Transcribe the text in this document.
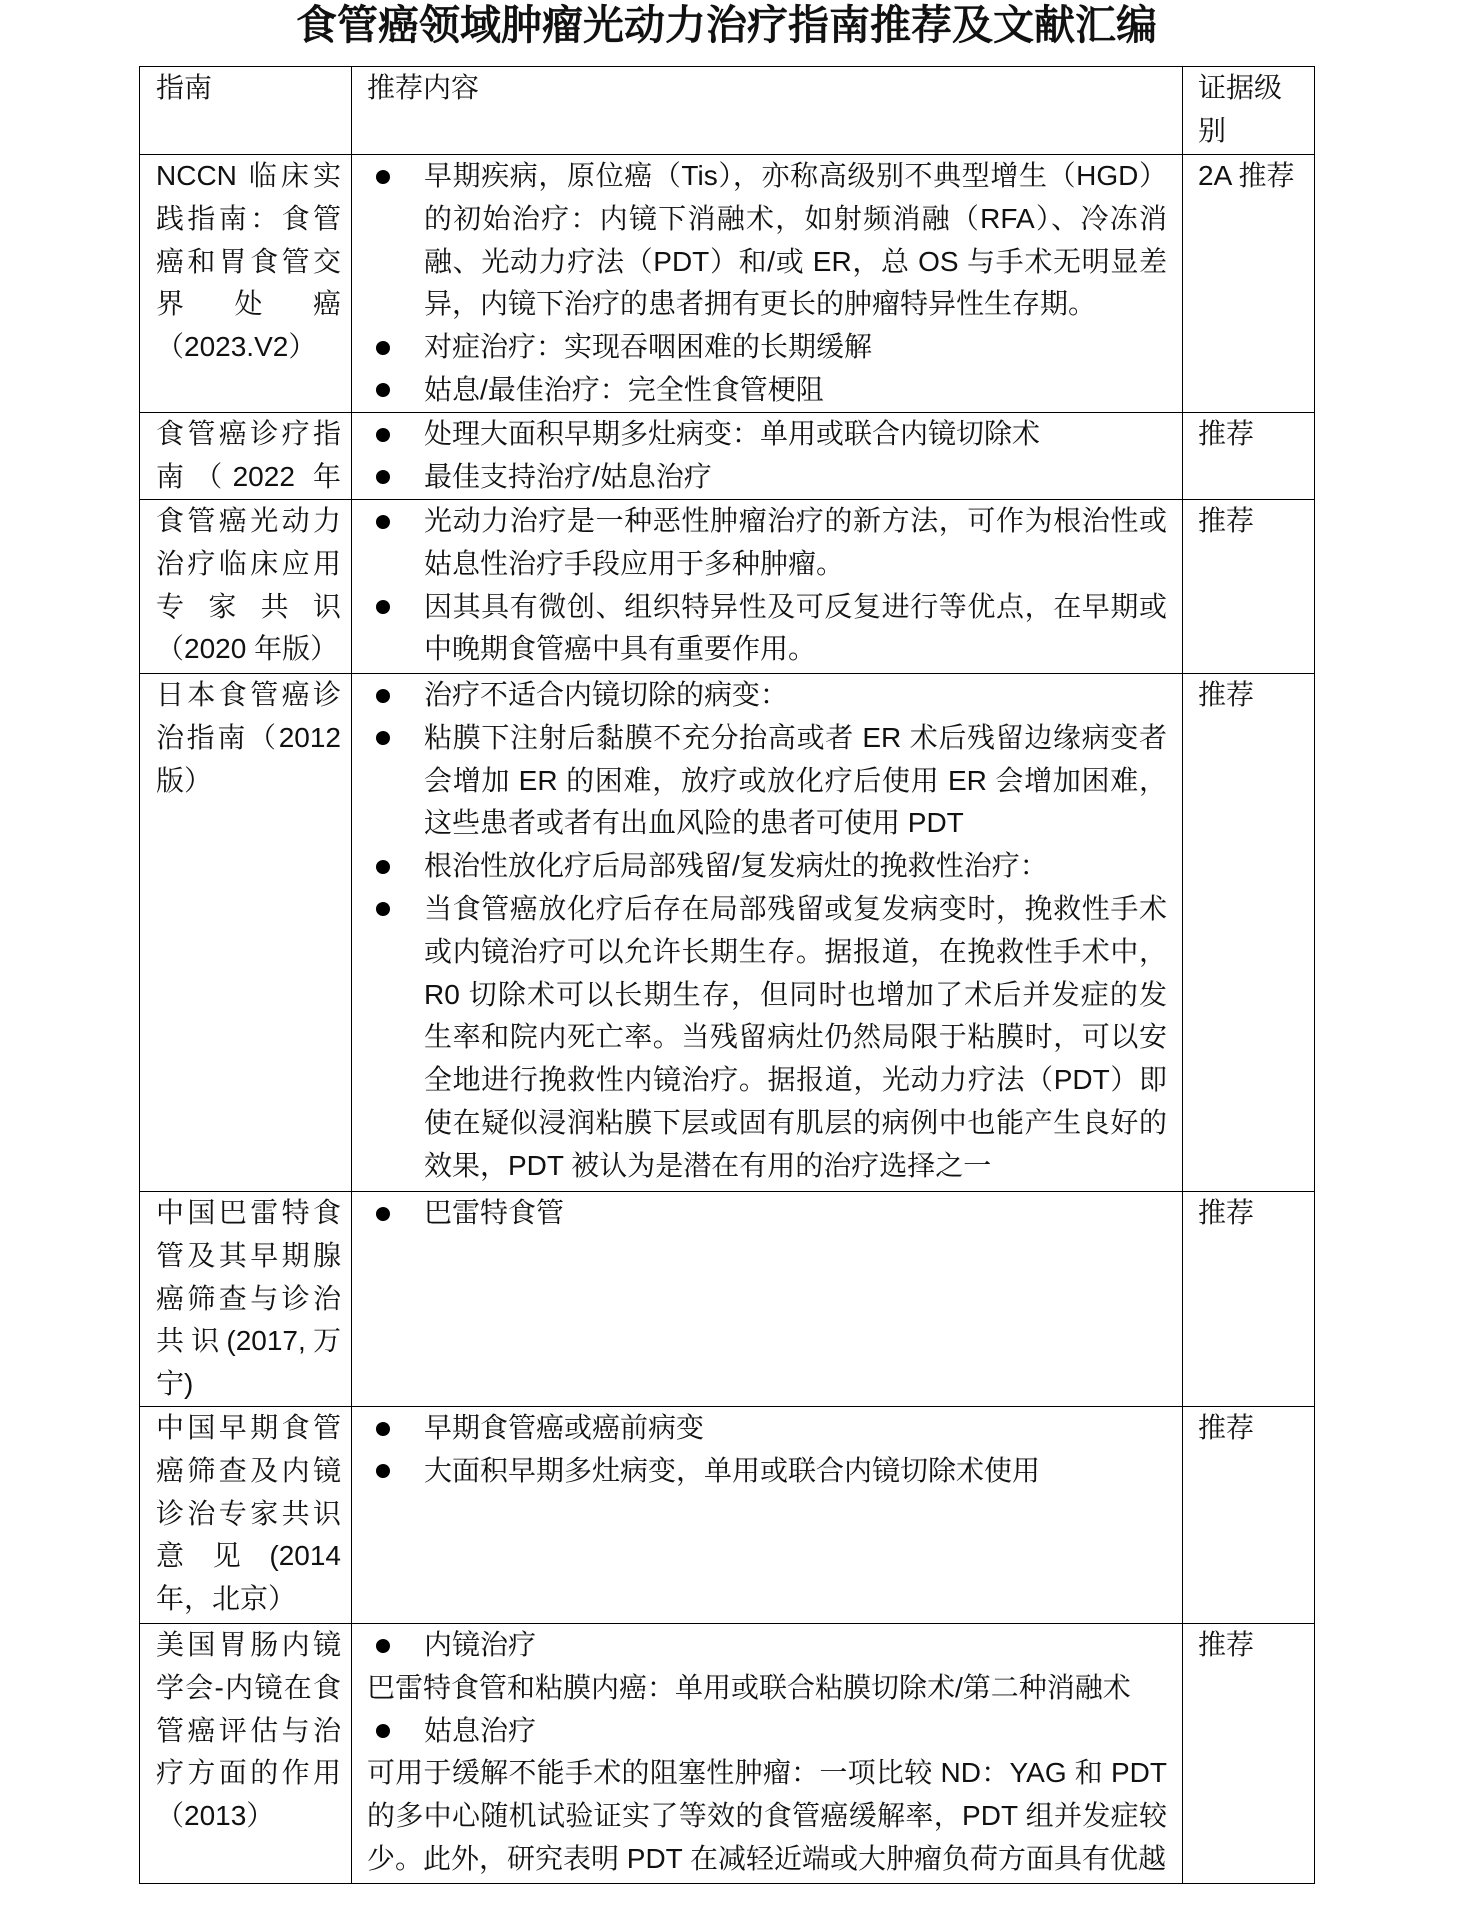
食管癌领域肿瘤光动力治疗指南推荐及文献汇编
指南	推荐内容	证据级别

NCCN 临床实践指南：食管癌和胃食管交界处癌（2023.V2）	早期疾病，原位癌（Tis），亦称高级别不典型增生（HGD）的初始治疗：内镜下消融术，如射频消融（RFA）、冷冻消融、光动力疗法（PDT）和/或 ER，总 OS 与手术无明显差异，内镜下治疗的患者拥有更长的肿瘤特异性生存期。
对症治疗：实现吞咽困难的长期缓解
姑息/最佳治疗：完全性食管梗阻	2A 推荐

食管癌诊疗指南（2022 年	处理大面积早期多灶病变：单用或联合内镜切除术
最佳支持治疗/姑息治疗	推荐

食管癌光动力治疗临床应用专家共识（2020 年版）	光动力治疗是一种恶性肿瘤治疗的新方法，可作为根治性或姑息性治疗手段应用于多种肿瘤。
因其具有微创、组织特异性及可反复进行等优点，在早期或中晚期食管癌中具有重要作用。	推荐

日本食管癌诊治指南（2012 版）	治疗不适合内镜切除的病变：
粘膜下注射后黏膜不充分抬高或者 ER 术后残留边缘病变者会增加 ER 的困难，放疗或放化疗后使用 ER 会增加困难，这些患者或者有出血风险的患者可使用 PDT
根治性放化疗后局部残留/复发病灶的挽救性治疗：
当食管癌放化疗后存在局部残留或复发病变时，挽救性手术或内镜治疗可以允许长期生存。据报道，在挽救性手术中，R0 切除术可以长期生存，但同时也增加了术后并发症的发生率和院内死亡率。当残留病灶仍然局限于粘膜时，可以安全地进行挽救性内镜治疗。据报道，光动力疗法（PDT）即使在疑似浸润粘膜下层或固有肌层的病例中也能产生良好的效果，PDT 被认为是潜在有用的治疗选择之一	推荐

中国巴雷特食管及其早期腺癌筛查与诊治共识(2017,万宁)	巴雷特食管	推荐

中国早期食管癌筛查及内镜诊治专家共识意见(2014 年，北京）	早期食管癌或癌前病变
大面积早期多灶病变，单用或联合内镜切除术使用	推荐

美国胃肠内镜学会-内镜在食管癌评估与治疗方面的作用（2013）	内镜治疗
巴雷特食管和粘膜内癌：单用或联合粘膜切除术/第二种消融术
姑息治疗
可用于缓解不能手术的阻塞性肿瘤：一项比较 ND：YAG 和 PDT 的多中心随机试验证实了等效的食管癌缓解率，PDT 组并发症较少。此外，研究表明 PDT 在减轻近端或大肿瘤负荷方面具有优越	推荐
